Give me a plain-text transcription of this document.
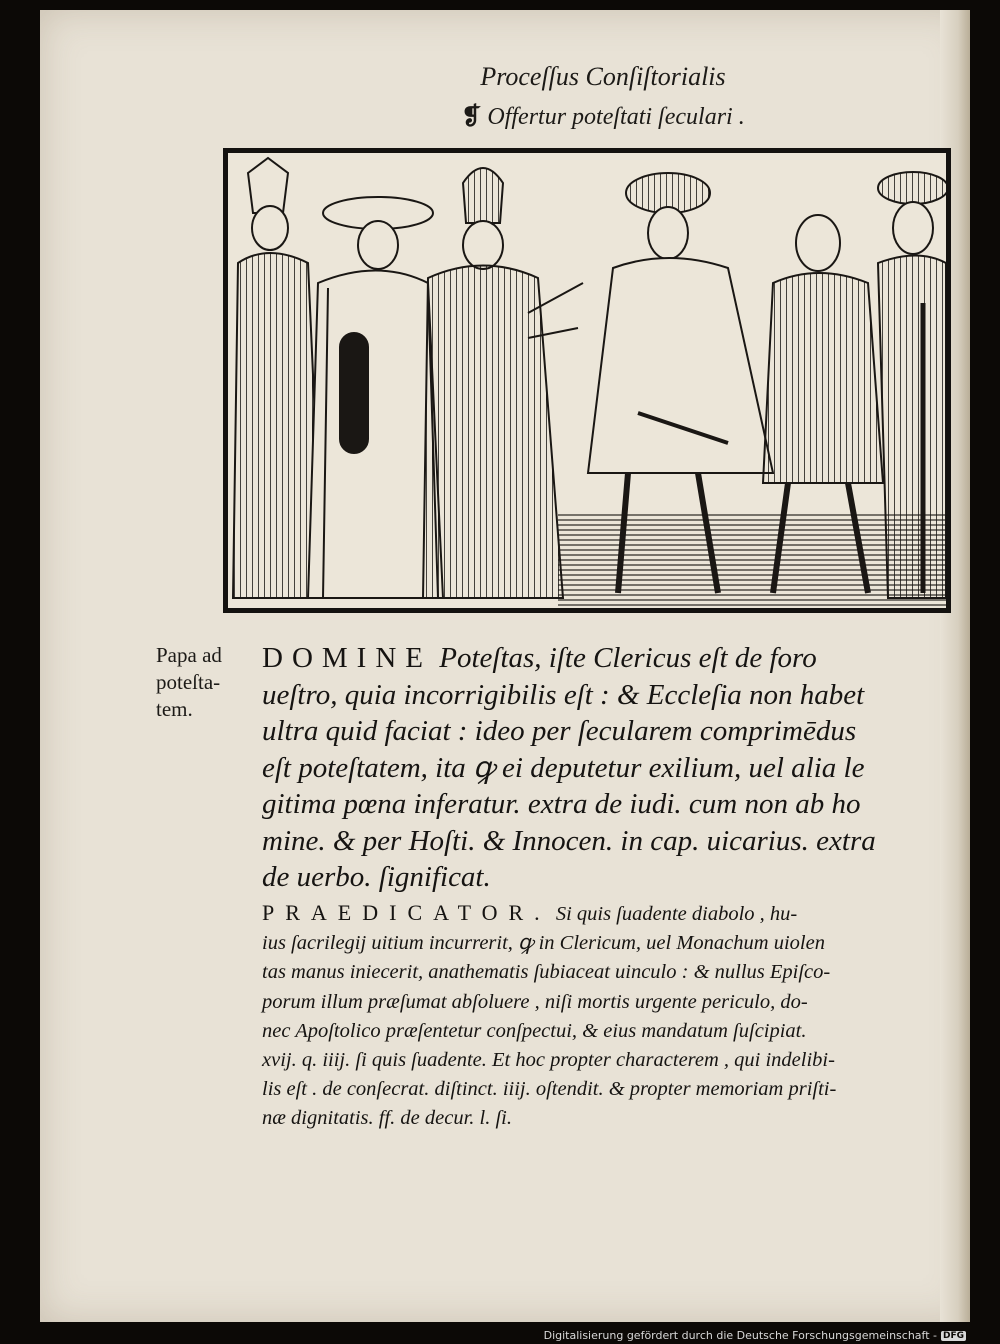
Proceſſus Conſiſtorialis

❡ Offertur poteſtati ſeculari .

Papa ad
poteſta-
tem.

DOMINE Poteſtas, iſte Clericus eſt de foro
ueſtro, quia incorrigibilis eſt : & Eccleſia non habet
ultra quid faciat : ideo per ſecularem comprimēdus
eſt poteſtatem, ita ꝙ ei deputetur exilium, uel alia le
gitima pœna inferatur. extra de iudi. cum non ab ho
mine. & per Hoſti. & Innocen. in cap. uicarius. extra
de uerbo. ſignificat.
PRAEDICATOR. Si quis ſuadente diabolo , hu-
ius ſacrilegij uitium incurrerit, ꝙ in Clericum, uel Monachum uiolen
tas manus iniecerit, anathematis ſubiaceat uinculo : & nullus Epiſco-
porum illum præſumat abſoluere , niſi mortis urgente periculo, do-
nec Apoſtolico præſentetur conſpectui, & eius mandatum ſuſcipiat.
xvij. q. iiij. ſi quis ſuadente. Et hoc propter characterem , qui indelibi-
lis eſt . de conſecrat. diſtinct. iiij. oſtendit. & propter memoriam priſti-
næ dignitatis. ff. de decur. l. ſi.
Digitalisierung gefördert durch die Deutsche Forschungsgemeinschaft - DFG
